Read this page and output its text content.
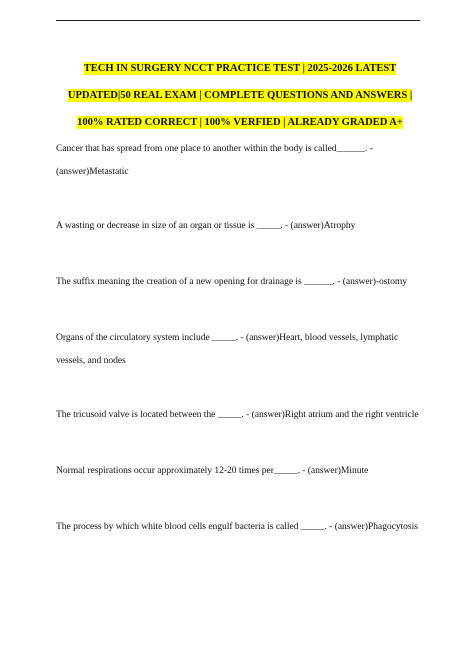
TECH IN SURGERY NCCT PRACTICE TEST | 2025-2026 LATEST UPDATED|50 REAL EXAM | COMPLETE QUESTIONS AND ANSWERS | 100% RATED CORRECT | 100% VERFIED | ALREADY GRADED A+
Cancer that has spread from one place to another within the body is called______. - (answer)Metastatic
A wasting or decrease in size of an organ or tissue is _____. - (answer)Atrophy
The suffix meaning the creation of a new opening for drainage is ______. - (answer)-ostomy
Organs of the circulatory system include _____. - (answer)Heart, blood vessels, lymphatic vessels, and nodes
The tricusoid valve is located between the _____. - (answer)Right atrium and the right ventricle
Normal respirations occur approximately 12-20 times per_____. - (answer)Minute
The process by which white blood cells engulf bacteria is called _____. - (answer)Phagocytosis
